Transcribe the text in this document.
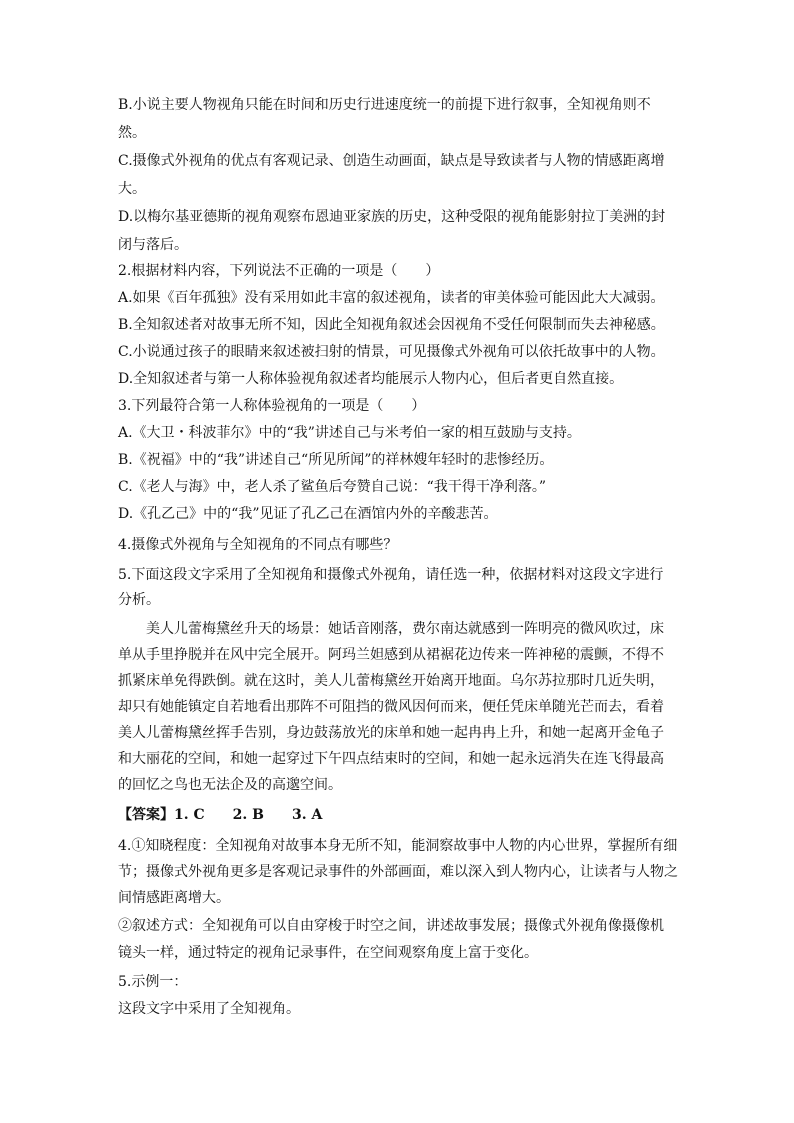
B.小说主要人物视角只能在时间和历史行进速度统一的前提下进行叙事，全知视角则不
然。
C.摄像式外视角的优点有客观记录、创造生动画面，缺点是导致读者与人物的情感距离增
大。
D.以梅尔基亚德斯的视角观察布恩迪亚家族的历史，这种受限的视角能影射拉丁美洲的封
闭与落后。
2.根据材料内容，下列说法不正确的一项是（　　）
A.如果《百年孤独》没有采用如此丰富的叙述视角，读者的审美体验可能因此大大减弱。
B.全知叙述者对故事无所不知，因此全知视角叙述会因视角不受任何限制而失去神秘感。
C.小说通过孩子的眼睛来叙述被扫射的情景，可见摄像式外视角可以依托故事中的人物。
D.全知叙述者与第一人称体验视角叙述者均能展示人物内心，但后者更自然直接。
3.下列最符合第一人称体验视角的一项是（　　）
A.《大卫・科波菲尔》中的“我”讲述自己与米考伯一家的相互鼓励与支持。
B.《祝福》中的“我”讲述自己“所见所闻”的祥林嫂年轻时的悲惨经历。
C.《老人与海》中，老人杀了鲨鱼后夸赞自己说：“我干得干净利落。”
D.《孔乙己》中的“我”见证了孔乙己在酒馆内外的辛酸悲苦。
4.摄像式外视角与全知视角的不同点有哪些？
5.下面这段文字采用了全知视角和摄像式外视角，请任选一种，依据材料对这段文字进行
分析。
　　美人儿蕾梅黛丝升天的场景：她话音刚落，费尔南达就感到一阵明亮的微风吹过，床
单从手里挣脱并在风中完全展开。阿玛兰妲感到从裙裾花边传来一阵神秘的震颤，不得不
抓紧床单免得跌倒。就在这时，美人儿蕾梅黛丝开始离开地面。乌尔苏拉那时几近失明，
却只有她能镇定自若地看出那阵不可阻挡的微风因何而来，便任凭床单随光芒而去，看着
美人儿蕾梅黛丝挥手告别，身边鼓荡放光的床单和她一起冉冉上升，和她一起离开金龟子
和大丽花的空间，和她一起穿过下午四点结束时的空间，和她一起永远消失在连飞得最高
的回忆之鸟也无法企及的高邈空间。
【答案】1. C　　2. B　　3. A
4.①知晓程度：全知视角对故事本身无所不知，能洞察故事中人物的内心世界，掌握所有细
节；摄像式外视角更多是客观记录事件的外部画面，难以深入到人物内心，让读者与人物之
间情感距离增大。
②叙述方式：全知视角可以自由穿梭于时空之间，讲述故事发展；摄像式外视角像摄像机
镜头一样，通过特定的视角记录事件，在空间观察角度上富于变化。
5.示例一：
这段文字中采用了全知视角。
